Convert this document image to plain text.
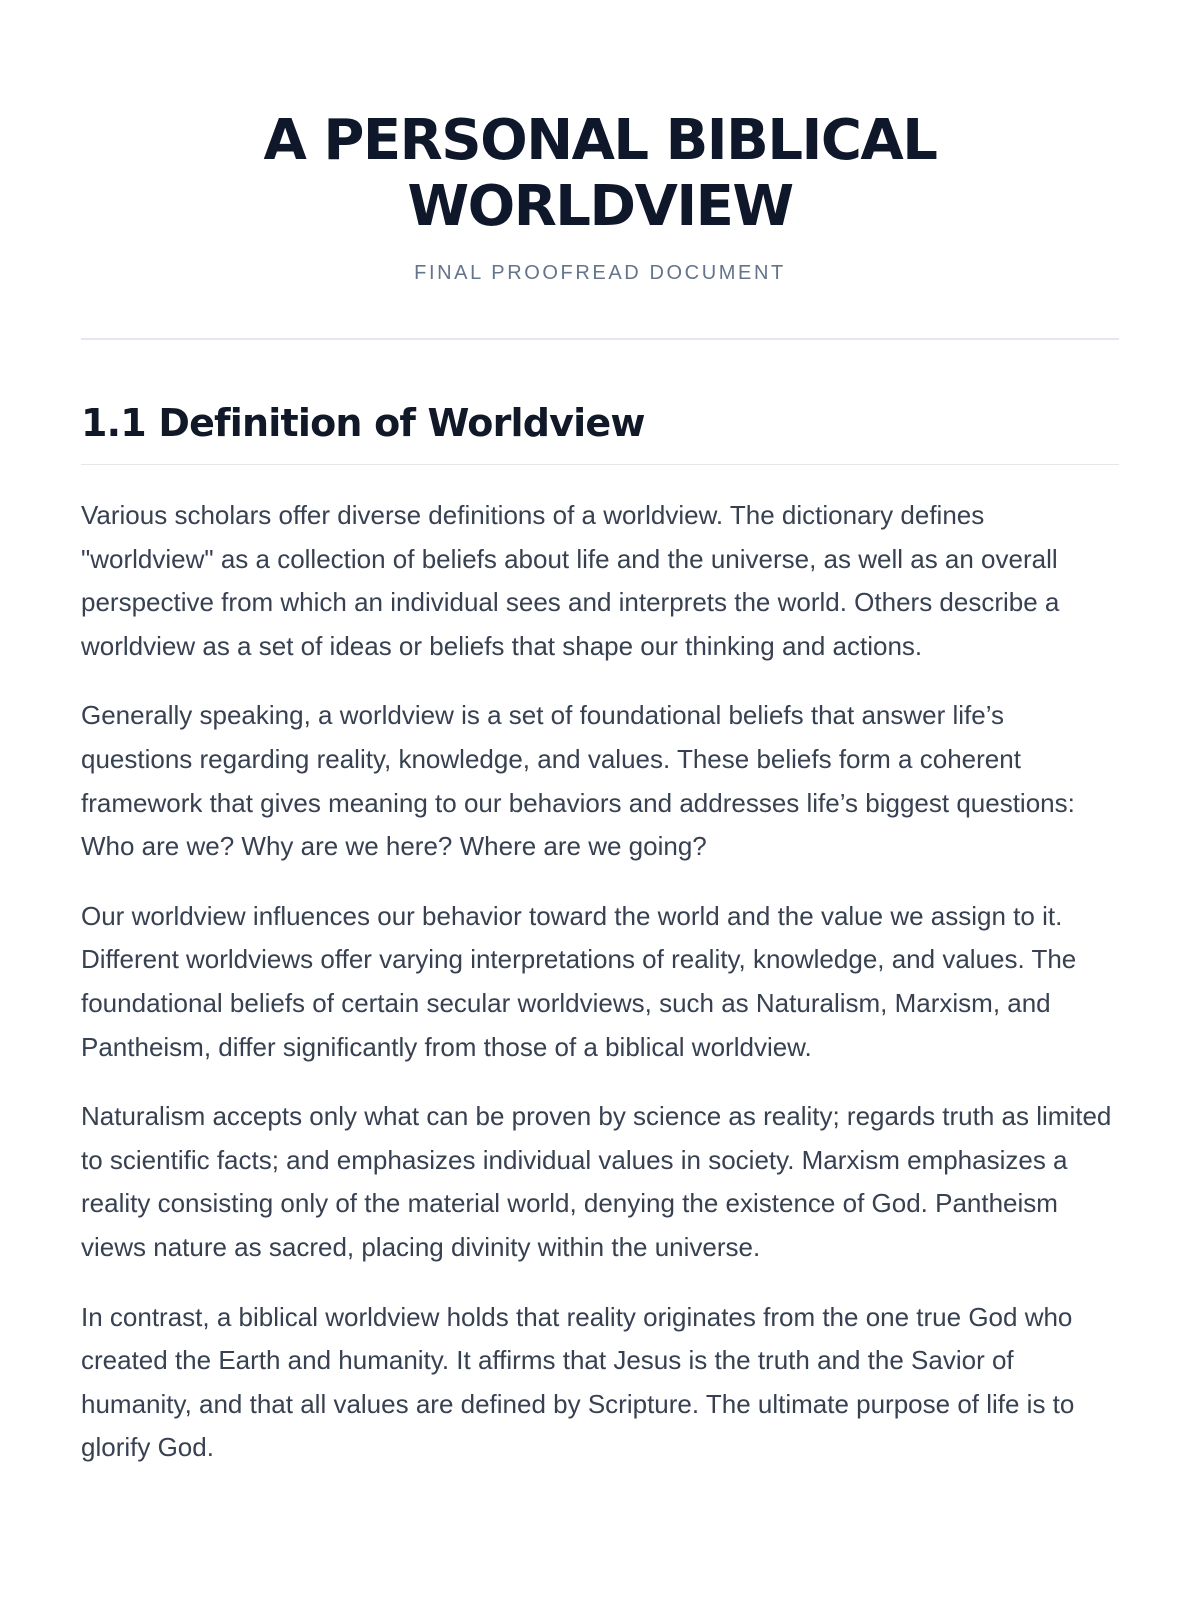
A PERSONAL BIBLICAL WORLDVIEW
FINAL PROOFREAD DOCUMENT
1.1 Definition of Worldview

Various scholars offer diverse definitions of a worldview. The dictionary defines "worldview" as a collection of beliefs about life and the universe, as well as an overall perspective from which an individual sees and interprets the world. Others describe a worldview as a set of ideas or beliefs that shape our thinking and actions.

Generally speaking, a worldview is a set of foundational beliefs that answer life’s questions regarding reality, knowledge, and values. These beliefs form a coherent framework that gives meaning to our behaviors and addresses life’s biggest questions: Who are we? Why are we here? Where are we going?

Our worldview influences our behavior toward the world and the value we assign to it. Different worldviews offer varying interpretations of reality, knowledge, and values. The foundational beliefs of certain secular worldviews, such as Naturalism, Marxism, and Pantheism, differ significantly from those of a biblical worldview.

Naturalism accepts only what can be proven by science as reality; regards truth as limited to scientific facts; and emphasizes individual values in society. Marxism emphasizes a reality consisting only of the material world, denying the existence of God. Pantheism views nature as sacred, placing divinity within the universe.

In contrast, a biblical worldview holds that reality originates from the one true God who created the Earth and humanity. It affirms that Jesus is the truth and the Savior of humanity, and that all values are defined by Scripture. The ultimate purpose of life is to glorify God.
